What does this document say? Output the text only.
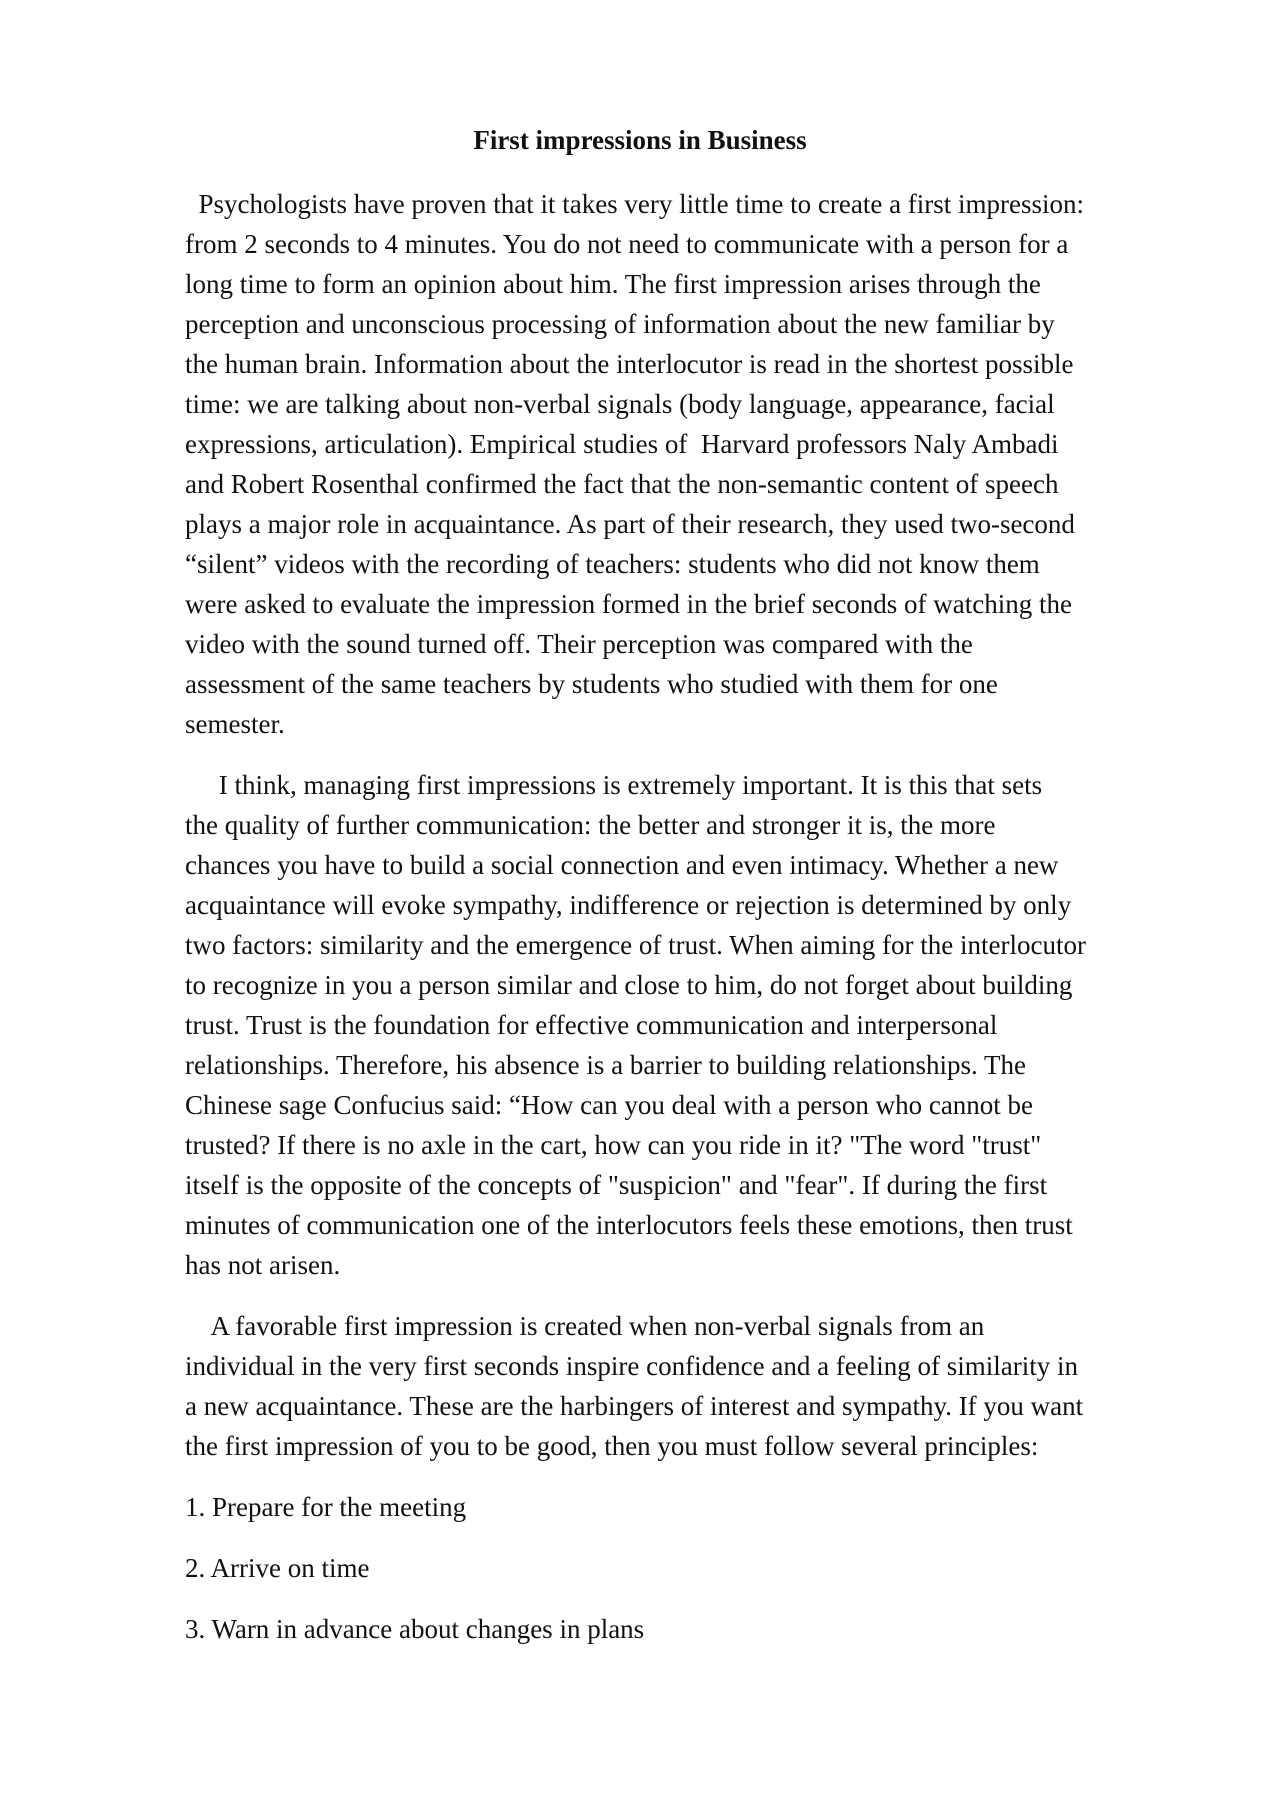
First impressions in Business
Psychologists have proven that it takes very little time to create a first impression:
from 2 seconds to 4 minutes. You do not need to communicate with a person for a
long time to form an opinion about him. The first impression arises through the
perception and unconscious processing of information about the new familiar by
the human brain. Information about the interlocutor is read in the shortest possible
time: we are talking about non-verbal signals (body language, appearance, facial
expressions, articulation). Empirical studies of  Harvard professors Naly Ambadi
and Robert Rosenthal confirmed the fact that the non-semantic content of speech
plays a major role in acquaintance. As part of their research, they used two-second
“silent” videos with the recording of teachers: students who did not know them
were asked to evaluate the impression formed in the brief seconds of watching the
video with the sound turned off. Their perception was compared with the
assessment of the same teachers by students who studied with them for one
semester.
I think, managing first impressions is extremely important. It is this that sets
the quality of further communication: the better and stronger it is, the more
chances you have to build a social connection and even intimacy. Whether a new
acquaintance will evoke sympathy, indifference or rejection is determined by only
two factors: similarity and the emergence of trust. When aiming for the interlocutor
to recognize in you a person similar and close to him, do not forget about building
trust. Trust is the foundation for effective communication and interpersonal
relationships. Therefore, his absence is a barrier to building relationships. The
Chinese sage Confucius said: “How can you deal with a person who cannot be
trusted? If there is no axle in the cart, how can you ride in it? "The word "trust"
itself is the opposite of the concepts of "suspicion" and "fear". If during the first
minutes of communication one of the interlocutors feels these emotions, then trust
has not arisen.
A favorable first impression is created when non-verbal signals from an
individual in the very first seconds inspire confidence and a feeling of similarity in
a new acquaintance. These are the harbingers of interest and sympathy. If you want
the first impression of you to be good, then you must follow several principles:
1. Prepare for the meeting
2. Arrive on time
3. Warn in advance about changes in plans
